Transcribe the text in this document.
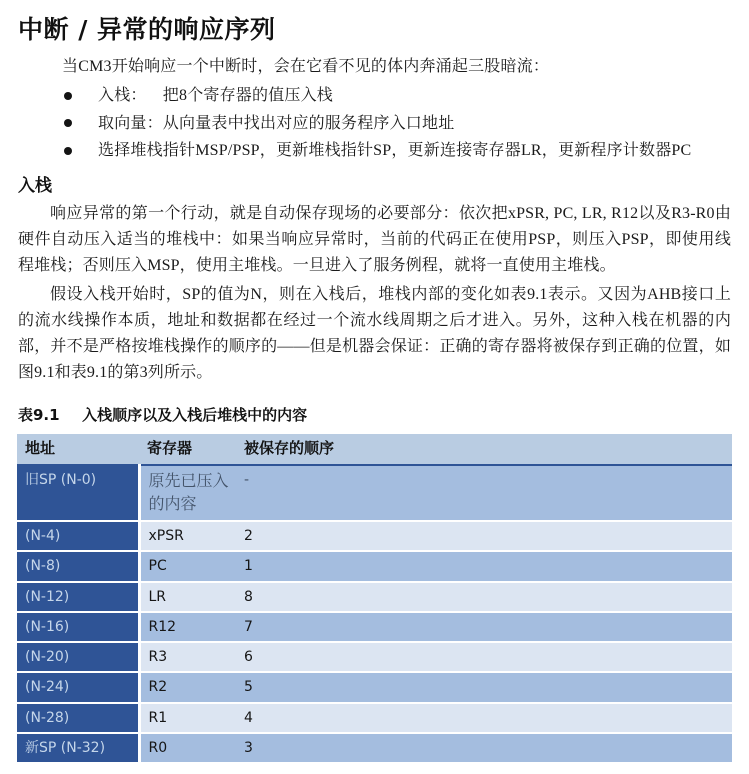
中断 / 异常的响应序列

当CM3开始响应一个中断时，会在它看不见的体内奔涌起三股暗流：

入栈： 把8个寄存器的值压入栈
取向量：从向量表中找出对应的服务程序入口地址
选择堆栈指针MSP/PSP，更新堆栈指针SP，更新连接寄存器LR，更新程序计数器PC
入栈

响应异常的第一个行动，就是自动保存现场的必要部分：依次把xPSR, PC, LR, R12以及R3-R0由硬件自动压入适当的堆栈中：如果当响应异常时，当前的代码正在使用PSP，则压入PSP，即使用线程堆栈；否则压入MSP，使用主堆栈。一旦进入了服务例程，就将一直使用主堆栈。

假设入栈开始时，SP的值为N，则在入栈后，堆栈内部的变化如表9.1表示。又因为AHB接口上的流水线操作本质，地址和数据都在经过一个流水线周期之后才进入。另外，这种入栈在机器的内部，并不是严格按堆栈操作的顺序的——但是机器会保证：正确的寄存器将被保存到正确的位置，如图9.1和表9.1的第3列所示。

表9.1  入栈顺序以及入栈后堆栈中的内容
地址	寄存器	被保存的顺序
旧SP (N-0)	原先已压入的内容	-
(N-4)	xPSR	2
(N-8)	PC	1
(N-12)	LR	8
(N-16)	R12	7
(N-20)	R3	6
(N-24)	R2	5
(N-28)	R1	4
新SP (N-32)	R0	3
